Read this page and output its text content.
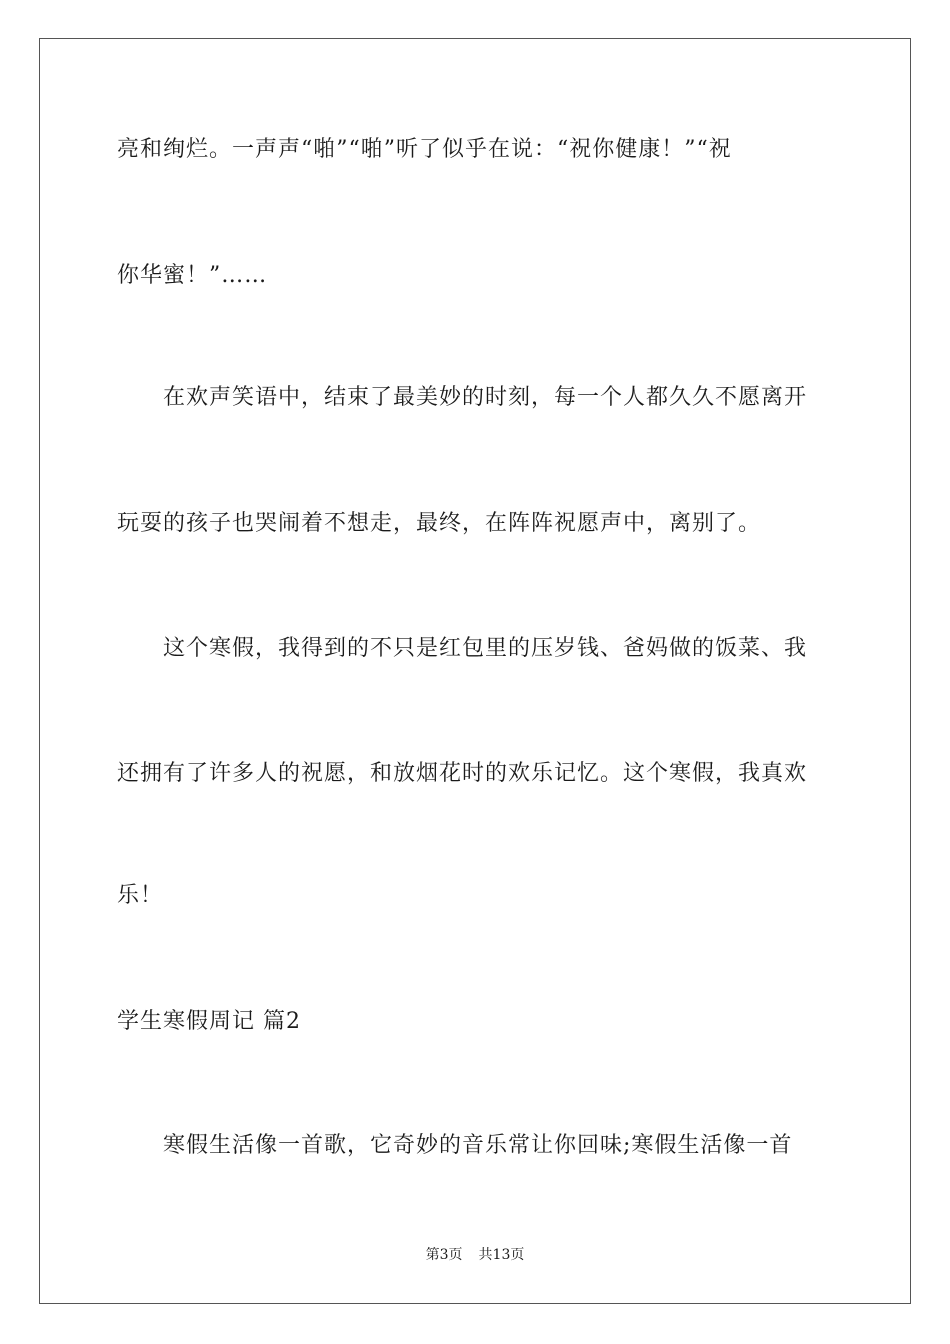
亮和绚烂。一声声“啪”“啪”听了似乎在说：“祝你健康！”“祝
你华蜜！”……
在欢声笑语中，结束了最美妙的时刻，每一个人都久久不愿离开
玩耍的孩子也哭闹着不想走，最终，在阵阵祝愿声中，离别了。
这个寒假，我得到的不只是红包里的压岁钱、爸妈做的饭菜、我
还拥有了许多人的祝愿，和放烟花时的欢乐记忆。这个寒假，我真欢
乐！
学生寒假周记 篇2
寒假生活像一首歌，它奇妙的音乐常让你回味;寒假生活像一首
第3页 共13页
